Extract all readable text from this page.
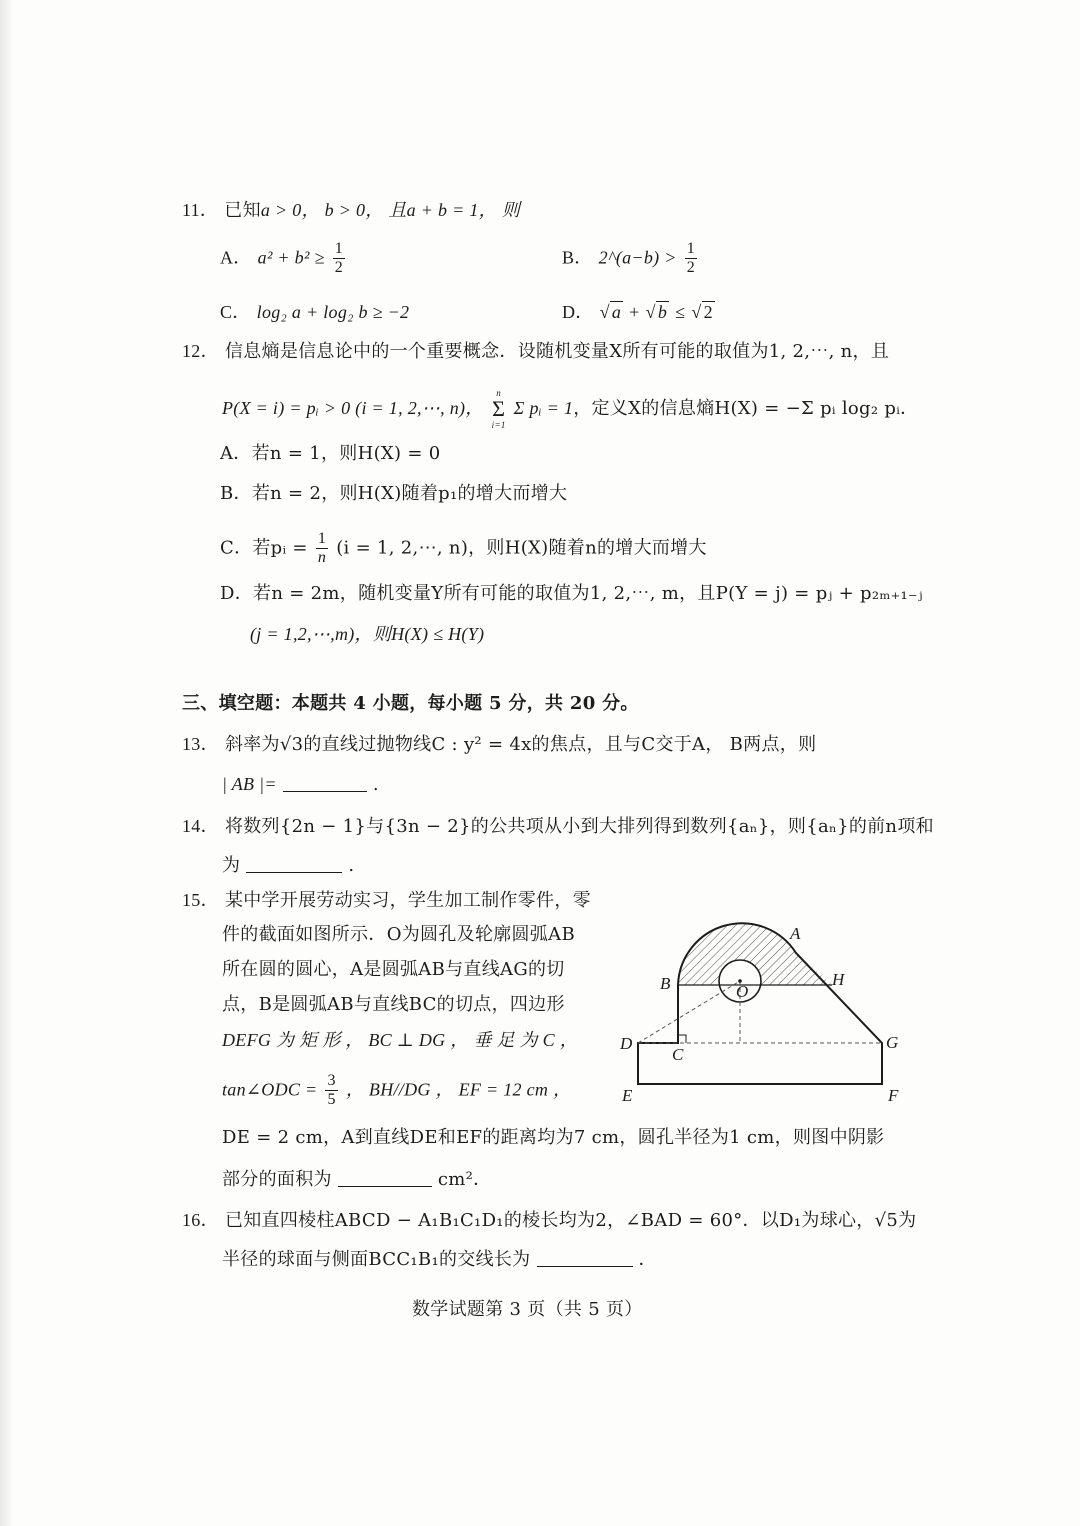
11． 已知a > 0， b > 0， 且a + b = 1， 则
A． $a^2 + b^2 \ge \frac{1}{2}$	B． 2^(a−b) > $\frac{1}{2}$
C． log₂ a + log₂ b ≥ −2	D． √ a + √ b ≤ √ 2
12． 信息熵是信息论中的一个重要概念．设随机变量X所有可能的取值为1, 2,⋯, n，且
P(X = i) = pᵢ > 0 (i = 1, 2,⋯, n)，
n
Σ
i=1
Σ pᵢ = 1，定义X的信息熵H(X) = −Σ pᵢ log₂ pᵢ．
A．若n = 1，则H(X) = 0
B．若n = 2，则H(X)随着p₁的增大而增大
C．若pᵢ = $\frac{1}{n} (i = 1$, 2,⋯, n)，则H(X)随着n的增大而增大
D．若n = 2m，随机变量Y所有可能的取值为1, 2,⋯, m，且P(Y = j) = pⱼ + p₂ₘ₊₁₋ⱼ
(j = 1,2,⋯,m)，则H(X) ≤ H(Y)
三、填空题：本题共 4 小题，每小题 5 分，共 20 分。
13． 斜率为√3的直线过抛物线C : y² = 4x的焦点，且与C交于A， B两点，则
| AB |=	.
14． 将数列{2n − 1}与{3n − 2}的公共项从小到大排列得到数列{aₙ}，则{aₙ}的前n项和
为	.
15． 某中学开展劳动实习，学生加工制作零件，零
件的截面如图所示．O为圆孔及轮廓圆弧AB
所在圆的圆心，A是圆弧AB与直线AG的切
点，B是圆弧AB与直线BC的切点，四边形
DEFG 为 矩 形 ， BC ⊥ DG ， 垂 足 为 C ，
tan∠ODC = $\frac{3}{5}$ ， BH//DG ， EF = 12 cm ，
DE = 2 cm，A到直线DE和EF的距离均为7 cm，圆孔半径为1 cm，则图中阴影
部分的面积为	cm²．
A
B	H
O
D
C
G
E	F
16． 已知直四棱柱ABCD − A₁B₁C₁D₁的棱长均为2，∠BAD = 60°．以D₁为球心，√5为
半径的球面与侧面BCC₁B₁的交线长为	．
数学试题第 3 页（共 5 页）
